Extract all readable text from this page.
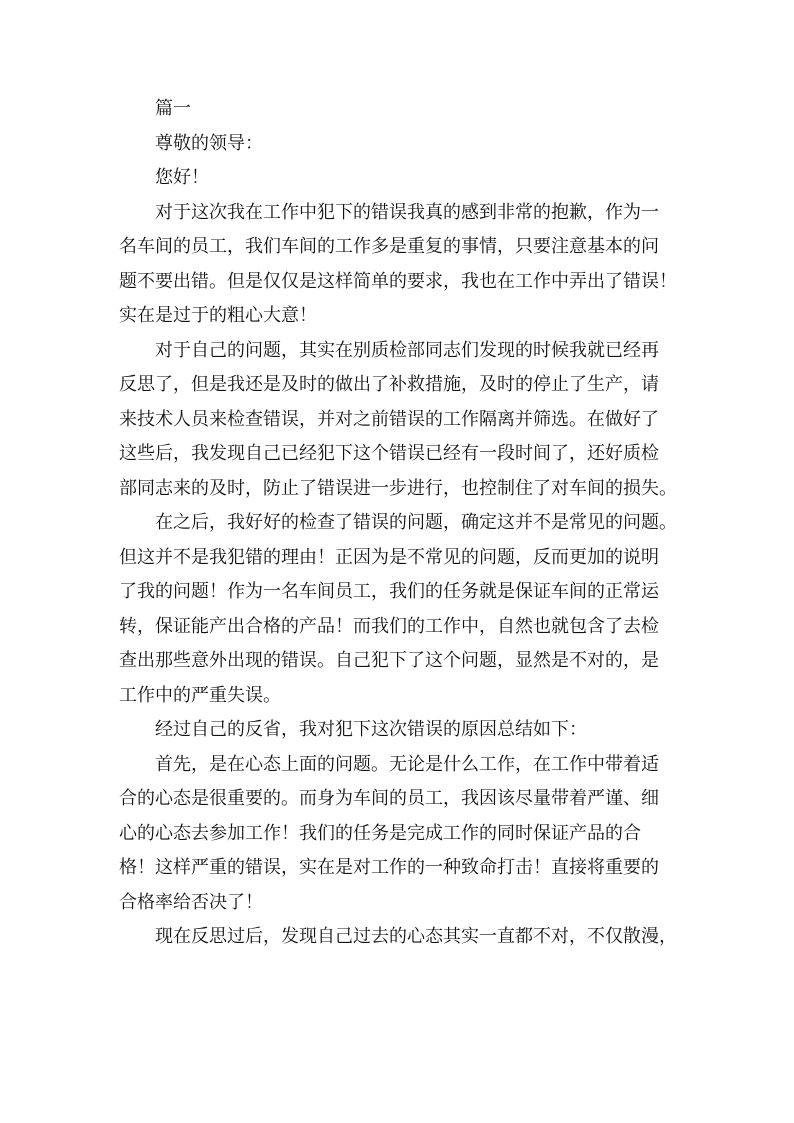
篇一
尊敬的领导：
您好！
对于这次我在工作中犯下的错误我真的感到非常的抱歉，作为一
名车间的员工，我们车间的工作多是重复的事情，只要注意基本的问
题不要出错。但是仅仅是这样简单的要求，我也在工作中弄出了错误！
实在是过于的粗心大意！
对于自己的问题，其实在别质检部同志们发现的时候我就已经再
反思了，但是我还是及时的做出了补救措施，及时的停止了生产，请
来技术人员来检查错误，并对之前错误的工作隔离并筛选。在做好了
这些后，我发现自己已经犯下这个错误已经有一段时间了，还好质检
部同志来的及时，防止了错误进一步进行，也控制住了对车间的损失。
在之后，我好好的检查了错误的问题，确定这并不是常见的问题。
但这并不是我犯错的理由！正因为是不常见的问题，反而更加的说明
了我的问题！作为一名车间员工，我们的任务就是保证车间的正常运
转，保证能产出合格的产品！而我们的工作中，自然也就包含了去检
查出那些意外出现的错误。自己犯下了这个问题，显然是不对的，是
工作中的严重失误。
经过自己的反省，我对犯下这次错误的原因总结如下：
首先，是在心态上面的问题。无论是什么工作，在工作中带着适
合的心态是很重要的。而身为车间的员工，我因该尽量带着严谨、细
心的心态去参加工作！我们的任务是完成工作的同时保证产品的合
格！这样严重的错误，实在是对工作的一种致命打击！直接将重要的
合格率给否决了！
现在反思过后，发现自己过去的心态其实一直都不对，不仅散漫，
